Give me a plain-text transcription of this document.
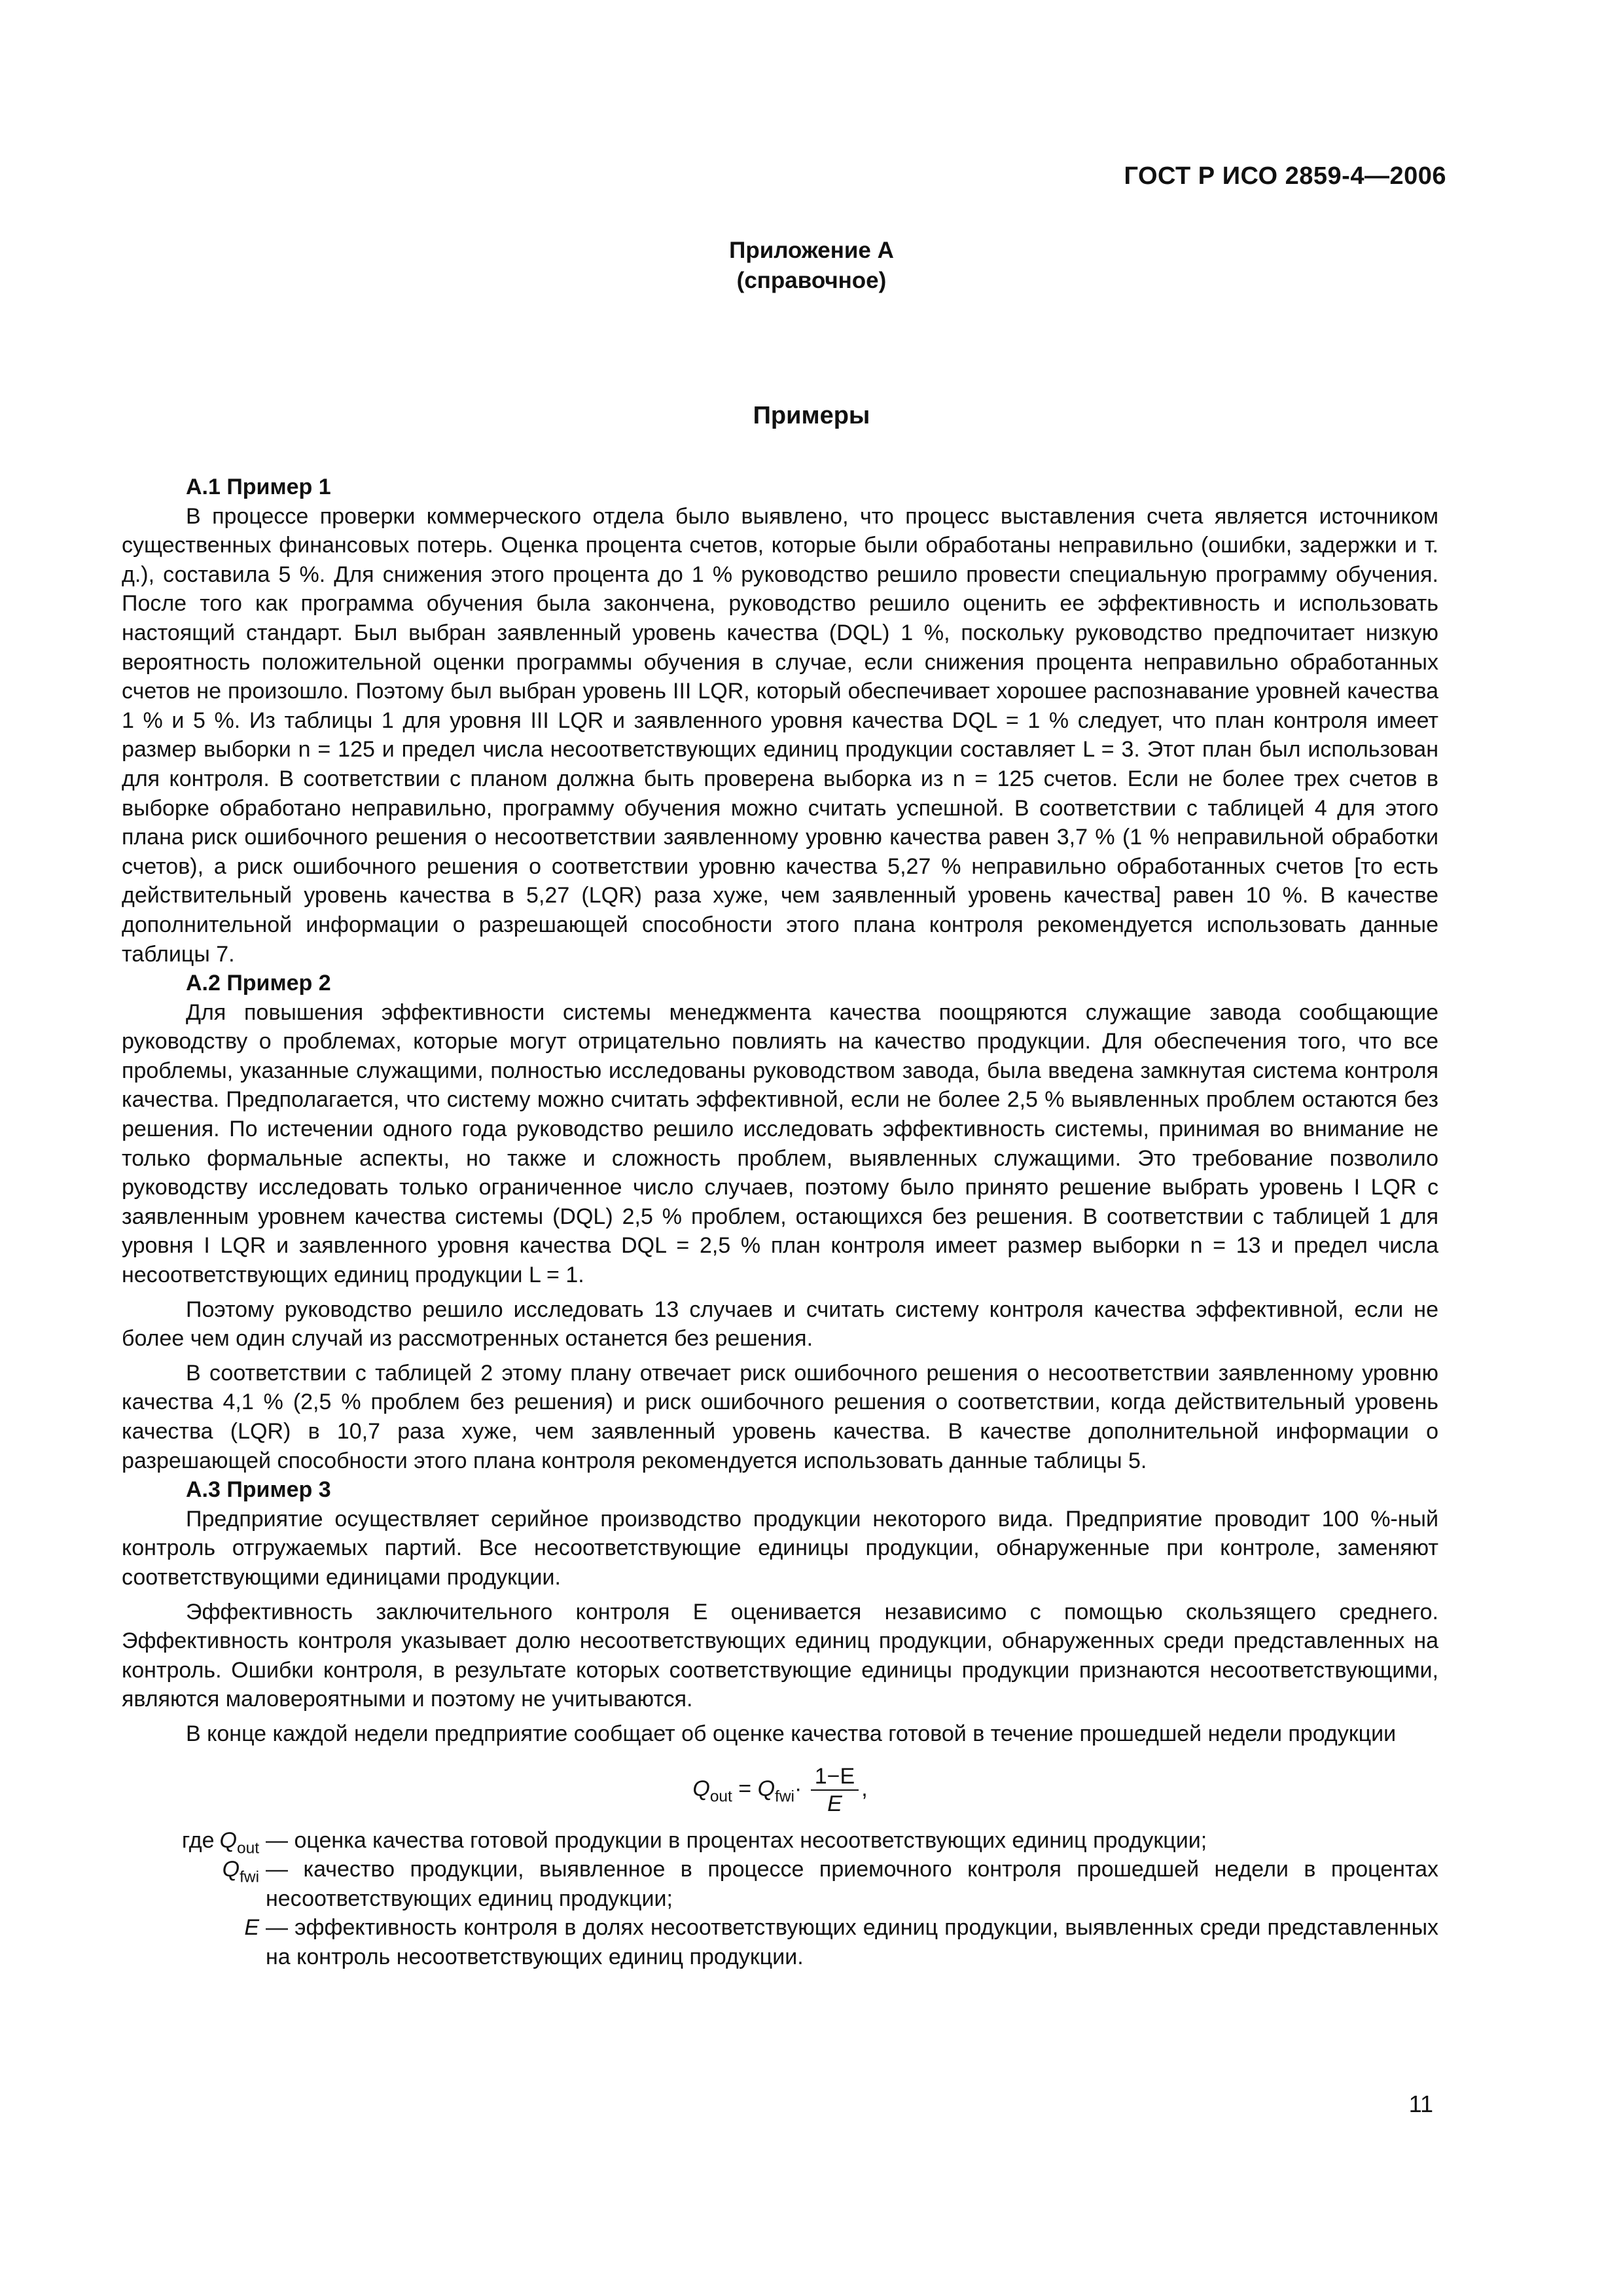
ГОСТ Р ИСО 2859-4—2006
Приложение А
(справочное)
Примеры
А.1 Пример 1

В процессе проверки коммерческого отдела было выявлено, что процесс выставления счета является источником существенных финансовых потерь. Оценка процента счетов, которые были обработаны неправильно (ошибки, задержки и т. д.), составила 5 %. Для снижения этого процента до 1 % руководство решило провести специальную программу обучения. После того как программа обучения была закончена, руководство решило оценить ее эффективность и использовать настоящий стандарт. Был выбран заявленный уровень качества (DQL) 1 %, поскольку руководство предпочитает низкую вероятность положительной оценки программы обучения в случае, если снижения процента неправильно обработанных счетов не произошло. Поэтому был выбран уровень III LQR, который обеспечивает хорошее распознавание уровней качества 1 % и 5 %. Из таблицы 1 для уровня III LQR и заявленного уровня качества DQL = 1 % следует, что план контроля имеет размер выборки n = 125 и предел числа несоответствующих единиц продукции составляет L = 3. Этот план был использован для контроля. В соответствии с планом должна быть проверена выборка из n = 125 счетов. Если не более трех счетов в выборке обработано неправильно, программу обучения можно считать успешной. В соответствии с таблицей 4 для этого плана риск ошибочного решения о несоответствии заявленному уровню качества равен 3,7 % (1 % неправильной обработки счетов), а риск ошибочного решения о соответствии уровню качества 5,27 % неправильно обработанных счетов [то есть действительный уровень качества в 5,27 (LQR) раза хуже, чем заявленный уровень качества] равен 10 %. В качестве дополнительной информации о разрешающей способности этого плана контроля рекомендуется использовать данные таблицы 7.

А.2 Пример 2

Для повышения эффективности системы менеджмента качества поощряются служащие завода сообщающие руководству о проблемах, которые могут отрицательно повлиять на качество продукции. Для обеспечения того, что все проблемы, указанные служащими, полностью исследованы руководством завода, была введена замкнутая система контроля качества. Предполагается, что систему можно считать эффективной, если не более 2,5 % выявленных проблем остаются без решения. По истечении одного года руководство решило исследовать эффективность системы, принимая во внимание не только формальные аспекты, но также и сложность проблем, выявленных служащими. Это требование позволило руководству исследовать только ограниченное число случаев, поэтому было принято решение выбрать уровень I LQR с заявленным уровнем качества системы (DQL) 2,5 % проблем, остающихся без решения. В соответствии с таблицей 1 для уровня I LQR и заявленного уровня качества DQL = 2,5 % план контроля имеет размер выборки n = 13 и предел числа несоответствующих единиц продукции L = 1.

Поэтому руководство решило исследовать 13 случаев и считать систему контроля качества эффективной, если не более чем один случай из рассмотренных останется без решения.

В соответствии с таблицей 2 этому плану отвечает риск ошибочного решения о несоответствии заявленному уровню качества 4,1 % (2,5 % проблем без решения) и риск ошибочного решения о соответствии, когда действительный уровень качества (LQR) в 10,7 раза хуже, чем заявленный уровень качества. В качестве дополнительной информации о разрешающей способности этого плана контроля рекомендуется использовать данные таблицы 5.

А.3 Пример 3

Предприятие осуществляет серийное производство продукции некоторого вида. Предприятие проводит 100 %-ный контроль отгружаемых партий. Все несоответствующие единицы продукции, обнаруженные при контроле, заменяют соответствующими единицами продукции.

Эффективность заключительного контроля E оценивается независимо с помощью скользящего среднего. Эффективность контроля указывает долю несоответствующих единиц продукции, обнаруженных среди представленных на контроль. Ошибки контроля, в результате которых соответствующие единицы продукции признаются несоответствующими, являются маловероятными и поэтому не учитываются.

В конце каждой недели предприятие сообщает об оценке качества готовой в течение прошедшей недели продукции

$Q_{out} = Q_{fwi}\cdot \frac{1-E}{E}$ ,
где $Q_{out}$ — оценка качества готовой продукции в процентах несоответствующих единиц продукции;
$Q_{fwi}$ — качество продукции, выявленное в процессе приемочного контроля прошедшей недели в процентах несоответствующих единиц продукции;
E — эффективность контроля в долях несоответствующих единиц продукции, выявленных среди представленных на контроль несоответствующих единиц продукции.
11
